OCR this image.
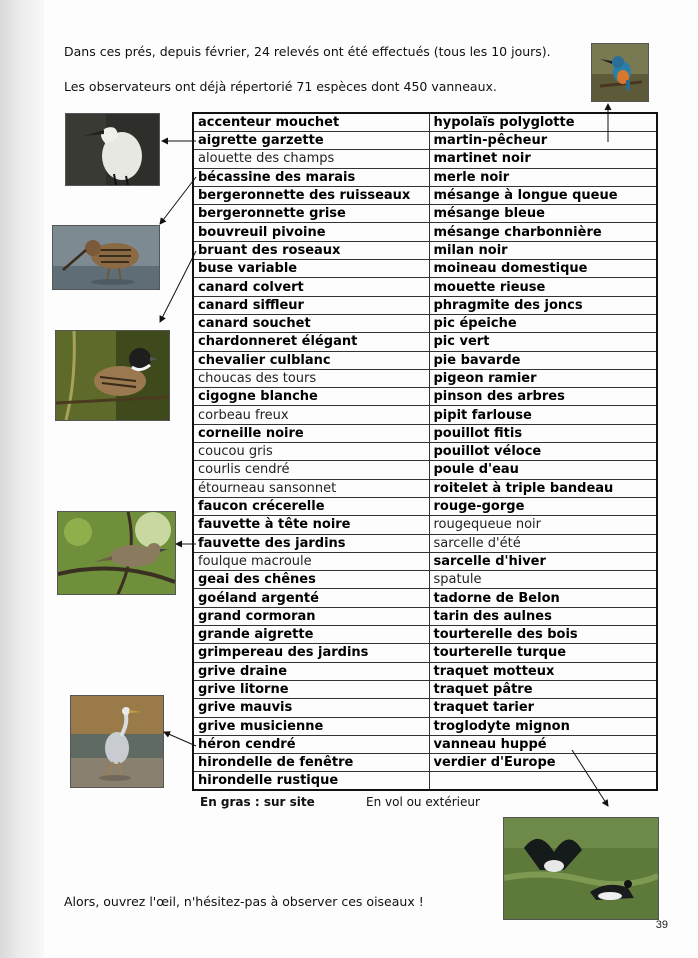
Dans ces prés, depuis février, 24 relevés ont été effectués (tous les 10 jours).
Les observateurs ont déjà répertorié 71 espèces dont 450 vanneaux.
accenteur mouchet	hypolaïs polyglotte
aigrette garzette	martin-pêcheur
alouette des champs	martinet noir
bécassine des marais	merle noir
bergeronnette des ruisseaux	mésange à longue queue
bergeronnette grise	mésange bleue
bouvreuil pivoine	mésange charbonnière
bruant des roseaux	milan noir
buse variable	moineau domestique
canard colvert	mouette rieuse
canard siffleur	phragmite des joncs
canard souchet	pic épeiche
chardonneret élégant	pic vert
chevalier culblanc	pie bavarde
choucas des tours	pigeon ramier
cigogne blanche	pinson des arbres
corbeau freux	pipit farlouse
corneille noire	pouillot fitis
coucou gris	pouillot véloce
courlis cendré	poule d'eau
étourneau sansonnet	roitelet à triple bandeau
faucon crécerelle	rouge-gorge
fauvette à tête noire	rougequeue noir
fauvette des jardins	sarcelle d'été
foulque macroule	sarcelle d'hiver
geai des chênes	spatule
goéland argenté	tadorne de Belon
grand cormoran	tarin des aulnes
grande aigrette	tourterelle des bois
grimpereau des jardins	tourterelle turque
grive draine	traquet motteux
grive litorne	traquet pâtre
grive mauvis	traquet tarier
grive musicienne	troglodyte mignon
héron cendré	vanneau huppé
hirondelle de fenêtre	verdier d'Europe
hirondelle rustique	
En gras : sur site	En vol ou extérieur
Alors, ouvrez l'œil, n'hésitez-pas à observer ces oiseaux !
39
